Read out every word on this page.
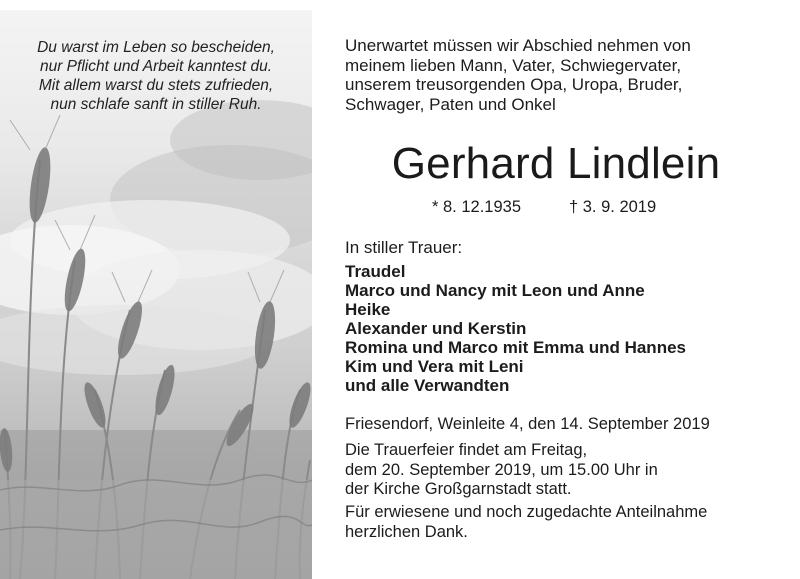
Du warst im Leben so bescheiden,
nur Pflicht und Arbeit kanntest du.
Mit allem warst du stets zufrieden,
nun schlafe sanft in stiller Ruh.
Unerwartet müssen wir Abschied nehmen von
meinem lieben Mann, Vater, Schwiegervater,
unserem treusorgenden Opa, Uropa, Bruder,
Schwager, Paten und Onkel
Gerhard Lindlein
* 8. 12.1935	† 3. 9. 2019
In stiller Trauer:
Traudel
Marco und Nancy mit Leon und Anne
Heike
Alexander und Kerstin
Romina und Marco mit Emma und Hannes
Kim und Vera mit Leni
und alle Verwandten
Friesendorf, Weinleite 4, den 14. September 2019
Die Trauerfeier findet am Freitag,
dem 20. September 2019, um 15.00 Uhr in
der Kirche Großgarnstadt statt.
Für erwiesene und noch zugedachte Anteilnahme
herzlichen Dank.
